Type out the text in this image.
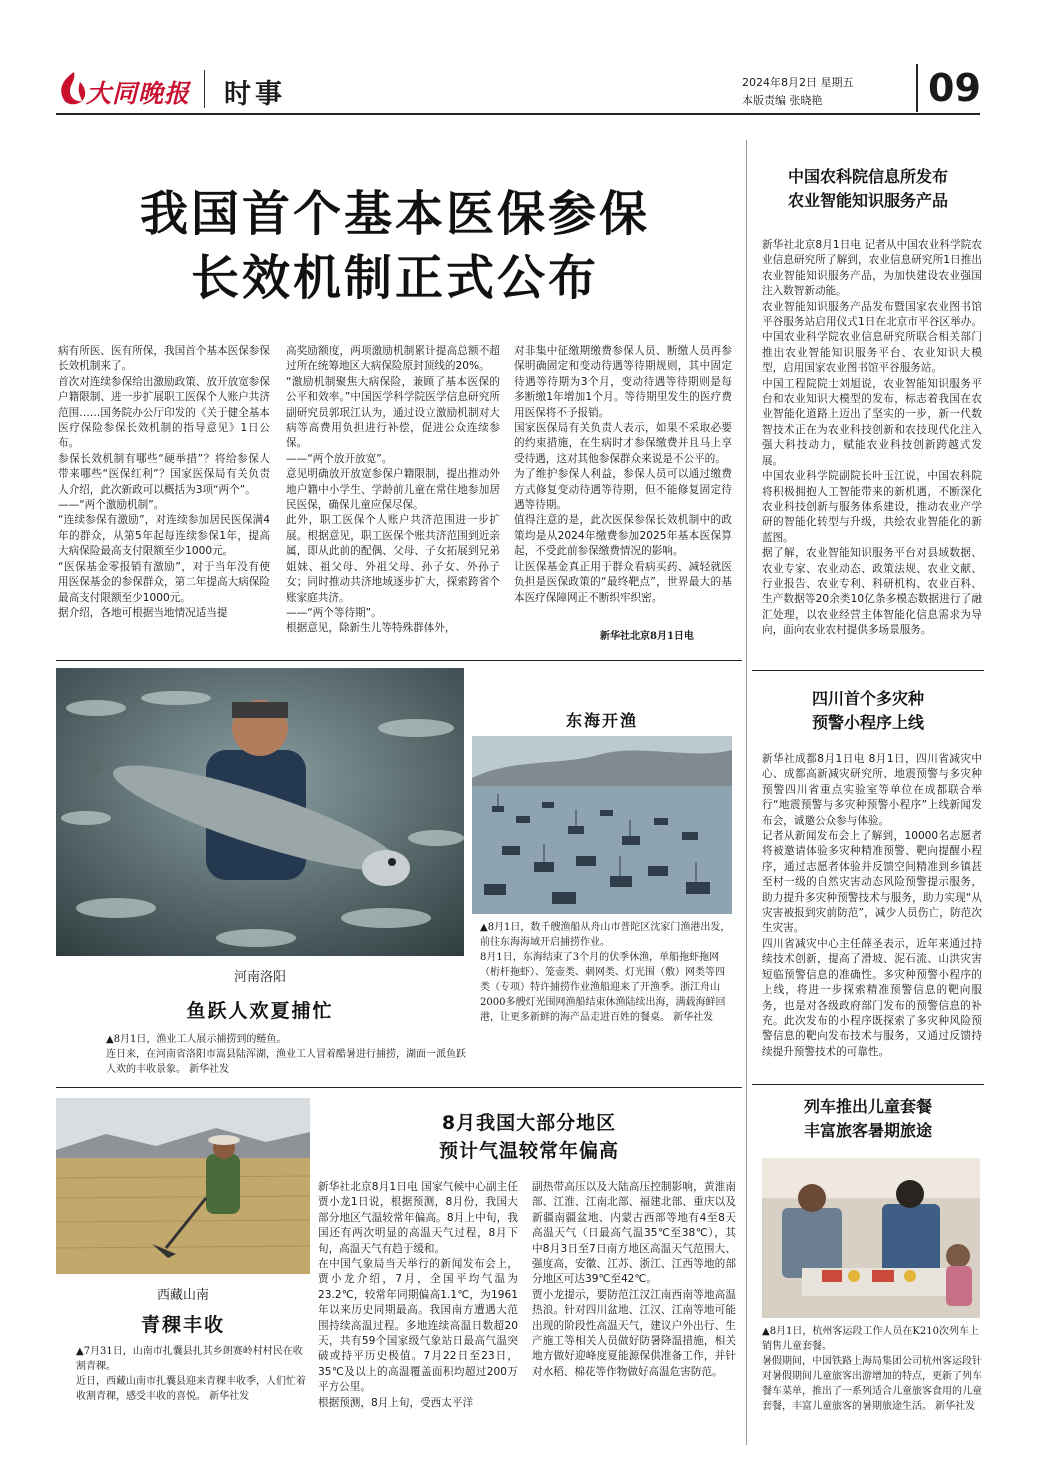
大同晚报 时事	2024年8月2日 星期五
本版责编 张晓艳	09
我国首个基本医保参保
长效机制正式公布
病有所医、医有所保，我国首个基本医保参保长效机制来了。
首次对连续参保给出激励政策、放开放宽参保户籍限制、进一步扩展职工医保个人账户共济范围……国务院办公厅印发的《关于健全基本医疗保险参保长效机制的指导意见》1日公布。
参保长效机制有哪些“硬举措”？将给参保人带来哪些“医保红利”？国家医保局有关负责人介绍，此次新政可以概括为3项“两个”。
——“两个激励机制”。
“连续参保有激励”，对连续参加居民医保满4年的群众，从第5年起每连续参保1年，提高大病保险最高支付限额至少1000元。
“医保基金零报销有激励”，对于当年没有使用医保基金的参保群众，第二年提高大病保险最高支付限额至少1000元。
据介绍，各地可根据当地情况适当提
高奖励额度，两项激励机制累计提高总额不超过所在统筹地区大病保险原封顶线的20%。
“激励机制聚焦大病保险，兼顾了基本医保的公平和效率。”中国医学科学院医学信息研究所副研究员郭珉江认为，通过设立激励机制对大病等高费用负担进行补偿，促进公众连续参保。
——“两个放开放宽”。
意见明确放开放宽参保户籍限制，提出推动外地户籍中小学生、学龄前儿童在常住地参加居民医保，确保儿童应保尽保。
此外，职工医保个人账户共济范围进一步扩展。根据意见，职工医保个账共济范围到近亲属，即从此前的配偶、父母、子女拓展到兄弟姐妹、祖父母、外祖父母、孙子女、外孙子女；同时推动共济地域逐步扩大，探索跨省个账家庭共济。
——“两个等待期”。
根据意见，除新生儿等特殊群体外，
对非集中征缴期缴费参保人员、断缴人员再参保明确固定和变动待遇等待期规则，其中固定待遇等待期为3个月，变动待遇等待期则是每多断缴1年增加1个月。等待期里发生的医疗费用医保将不予报销。
国家医保局有关负责人表示，如果不采取必要的约束措施，在生病时才参保缴费并且马上享受待遇，这对其他参保群众来说是不公平的。
为了维护参保人利益，参保人员可以通过缴费方式修复变动待遇等待期，但不能修复固定待遇等待期。
值得注意的是，此次医保参保长效机制中的政策均是从2024年缴费参加2025年基本医保算起，不受此前参保缴费情况的影响。
让医保基金真正用于群众看病买药、减轻就医负担是医保政策的“最终靶点”，世界最大的基本医疗保障网正不断织牢织密。
新华社北京8月1日电
河南洛阳
鱼跃人欢夏捕忙
▲8月1日，渔业工人展示捕捞到的鲢鱼。
连日来，在河南省洛阳市嵩县陆浑湖，渔业工人冒着酷暑进行捕捞，湖面一派鱼跃人欢的丰收景象。 新华社发
东海开渔
▲8月1日，数千艘渔船从舟山市普陀区沈家门渔港出发，前往东海海域开启捕捞作业。
8月1日，东海结束了3个月的伏季休渔，单船拖虾拖网（桁杆拖虾）、笼壶类、刺网类、灯光围（敷）网类等四类（专项）特许捕捞作业渔船迎来了开渔季。浙江舟山2000多艘灯光围网渔船结束休渔陆续出海，满载海鲜回港，让更多新鲜的海产品走进百姓的餐桌。 新华社发
西藏山南
青稞丰收
▲7月31日，山南市扎囊县扎其乡朗赛岭村村民在收割青稞。
近日，西藏山南市扎囊县迎来青稞丰收季，人们忙着收割青稞，感受丰收的喜悦。 新华社发
8月我国大部分地区
预计气温较常年偏高
新华社北京8月1日电 国家气候中心副主任贾小龙1日说，根据预测，8月份，我国大部分地区气温较常年偏高。8月上中旬，我国还有两次明显的高温天气过程，8月下旬，高温天气有趋于缓和。
在中国气象局当天举行的新闻发布会上，贾小龙介绍，7月，全国平均气温为23.2℃，较常年同期偏高1.1℃，为1961年以来历史同期最高。我国南方遭遇大范围持续高温过程。多地连续高温日数超20天，共有59个国家级气象站日最高气温突破或持平历史极值。7月22日至23日，35℃及以上的高温覆盖面积均超过200万平方公里。
根据预测，8月上旬，受西太平洋
副热带高压以及大陆高压控制影响，黄淮南部、江淮、江南北部、福建北部、重庆以及新疆南疆盆地、内蒙古西部等地有4至8天高温天气（日最高气温35℃至38℃），其中8月3日至7日南方地区高温天气范围大、强度高，安徽、江苏、浙江、江西等地的部分地区可达39℃至42℃。
贾小龙提示，要防范江汉江南西南等地高温热浪。针对四川盆地、江汉、江南等地可能出现的阶段性高温天气，建议户外出行、生产施工等相关人员做好防暑降温措施，相关地方做好迎峰度夏能源保供准备工作，并针对水稻、棉花等作物做好高温危害防范。
中国农科院信息所发布
农业智能知识服务产品
新华社北京8月1日电 记者从中国农业科学院农业信息研究所了解到，农业信息研究所1日推出农业智能知识服务产品，为加快建设农业强国注入数智新动能。
农业智能知识服务产品发布暨国家农业图书馆平谷服务站启用仪式1日在北京市平谷区举办。中国农业科学院农业信息研究所联合相关部门推出农业智能知识服务平台、农业知识大模型，启用国家农业图书馆平谷服务站。
中国工程院院士刘旭说，农业智能知识服务平台和农业知识大模型的发布，标志着我国在农业智能化道路上迈出了坚实的一步，新一代数智技术正在为农业科技创新和农技现代化注入强大科技动力，赋能农业科技创新跨越式发展。
中国农业科学院副院长叶玉江说，中国农科院将积极拥抱人工智能带来的新机遇，不断深化农业科技创新与服务体系建设，推动农业产学研的智能化转型与升级，共绘农业智能化的新蓝图。
据了解，农业智能知识服务平台对县域数据、农业专家、农业动态、政策法规、农业文献、行业报告、农业专利、科研机构、农业百科、生产数据等20余类10亿条多模态数据进行了融汇处理，以农业经营主体智能化信息需求为导向，面向农业农村提供多场景服务。
四川首个多灾种
预警小程序上线
新华社成都8月1日电 8月1日，四川省减灾中心、成都高新减灾研究所、地震预警与多灾种预警四川省重点实验室等单位在成都联合举行“地震预警与多灾种预警小程序”上线新闻发布会，诚邀公众参与体验。
记者从新闻发布会上了解到，10000名志愿者将被邀请体验多灾种精准预警、靶向提醒小程序，通过志愿者体验并反馈空间精准到乡镇甚至村一级的自然灾害动态风险预警提示服务，助力提升多灾种预警技术与服务，助力实现“从灾害被报到灾前防范”，减少人员伤亡，防范次生灾害。
四川省减灾中心主任薛圣表示，近年来通过持续技术创新，提高了滑坡、泥石流、山洪灾害短临预警信息的准确性。多灾种预警小程序的上线，将进一步探索精准预警信息的靶向服务，也是对各级政府部门发布的预警信息的补充。此次发布的小程序既探索了多灾种风险预警信息的靶向发布技术与服务，又通过反馈持续提升预警技术的可靠性。
列车推出儿童套餐
丰富旅客暑期旅途
▲8月1日，杭州客运段工作人员在K210次列车上销售儿童套餐。
暑假期间，中国铁路上海局集团公司杭州客运段针对暑假期间儿童旅客出游增加的特点，更新了列车餐车菜单，推出了一系列适合儿童旅客食用的儿童套餐，丰富儿童旅客的暑期旅途生活。 新华社发
